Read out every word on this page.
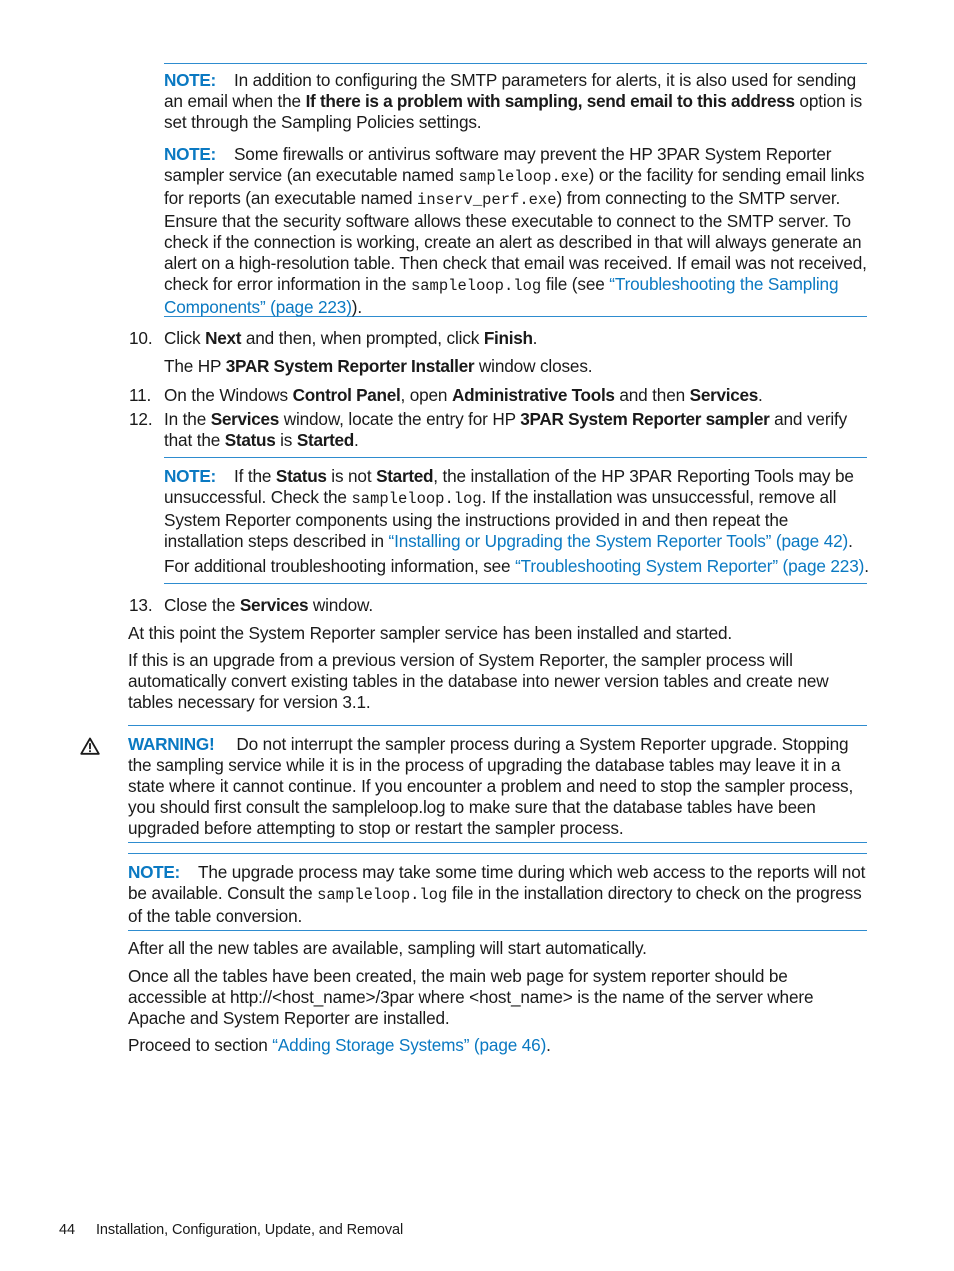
NOTE: In addition to configuring the SMTP parameters for alerts, it is also used for sending an email when the If there is a problem with sampling, send email to this address option is set through the Sampling Policies settings.

NOTE: Some firewalls or antivirus software may prevent the HP 3PAR System Reporter sampler service (an executable named sampleloop.exe) or the facility for sending email links for reports (an executable named inserv_perf.exe) from connecting to the SMTP server. Ensure that the security software allows these executable to connect to the SMTP server. To check if the connection is working, create an alert as described in that will always generate an alert on a high-resolution table. Then check that email was received. If email was not received, check for error information in the sampleloop.log file (see “Troubleshooting the Sampling Components” (page 223)).

10. Click Next and then, when prompted, click Finish.

The HP 3PAR System Reporter Installer window closes.

11. On the Windows Control Panel, open Administrative Tools and then Services.

12. In the Services window, locate the entry for HP 3PAR System Reporter sampler and verify that the Status is Started.

NOTE: If the Status is not Started, the installation of the HP 3PAR Reporting Tools may be unsuccessful. Check the sampleloop.log. If the installation was unsuccessful, remove all System Reporter components using the instructions provided in and then repeat the installation steps described in “Installing or Upgrading the System Reporter Tools” (page 42).

For additional troubleshooting information, see “Troubleshooting System Reporter” (page 223).

13. Close the Services window.

At this point the System Reporter sampler service has been installed and started.

If this is an upgrade from a previous version of System Reporter, the sampler process will automatically convert existing tables in the database into newer version tables and create new tables necessary for version 3.1.

WARNING! Do not interrupt the sampler process during a System Reporter upgrade. Stopping the sampling service while it is in the process of upgrading the database tables may leave it in a state where it cannot continue. If you encounter a problem and need to stop the sampler process, you should first consult the sampleloop.log to make sure that the database tables have been upgraded before attempting to stop or restart the sampler process.

NOTE: The upgrade process may take some time during which web access to the reports will not be available. Consult the sampleloop.log file in the installation directory to check on the progress of the table conversion.

After all the new tables are available, sampling will start automatically.

Once all the tables have been created, the main web page for system reporter should be accessible at http://<host_name>/3par where <host_name> is the name of the server where Apache and System Reporter are installed.

Proceed to section “Adding Storage Systems” (page 46).

44 Installation, Configuration, Update, and Removal
